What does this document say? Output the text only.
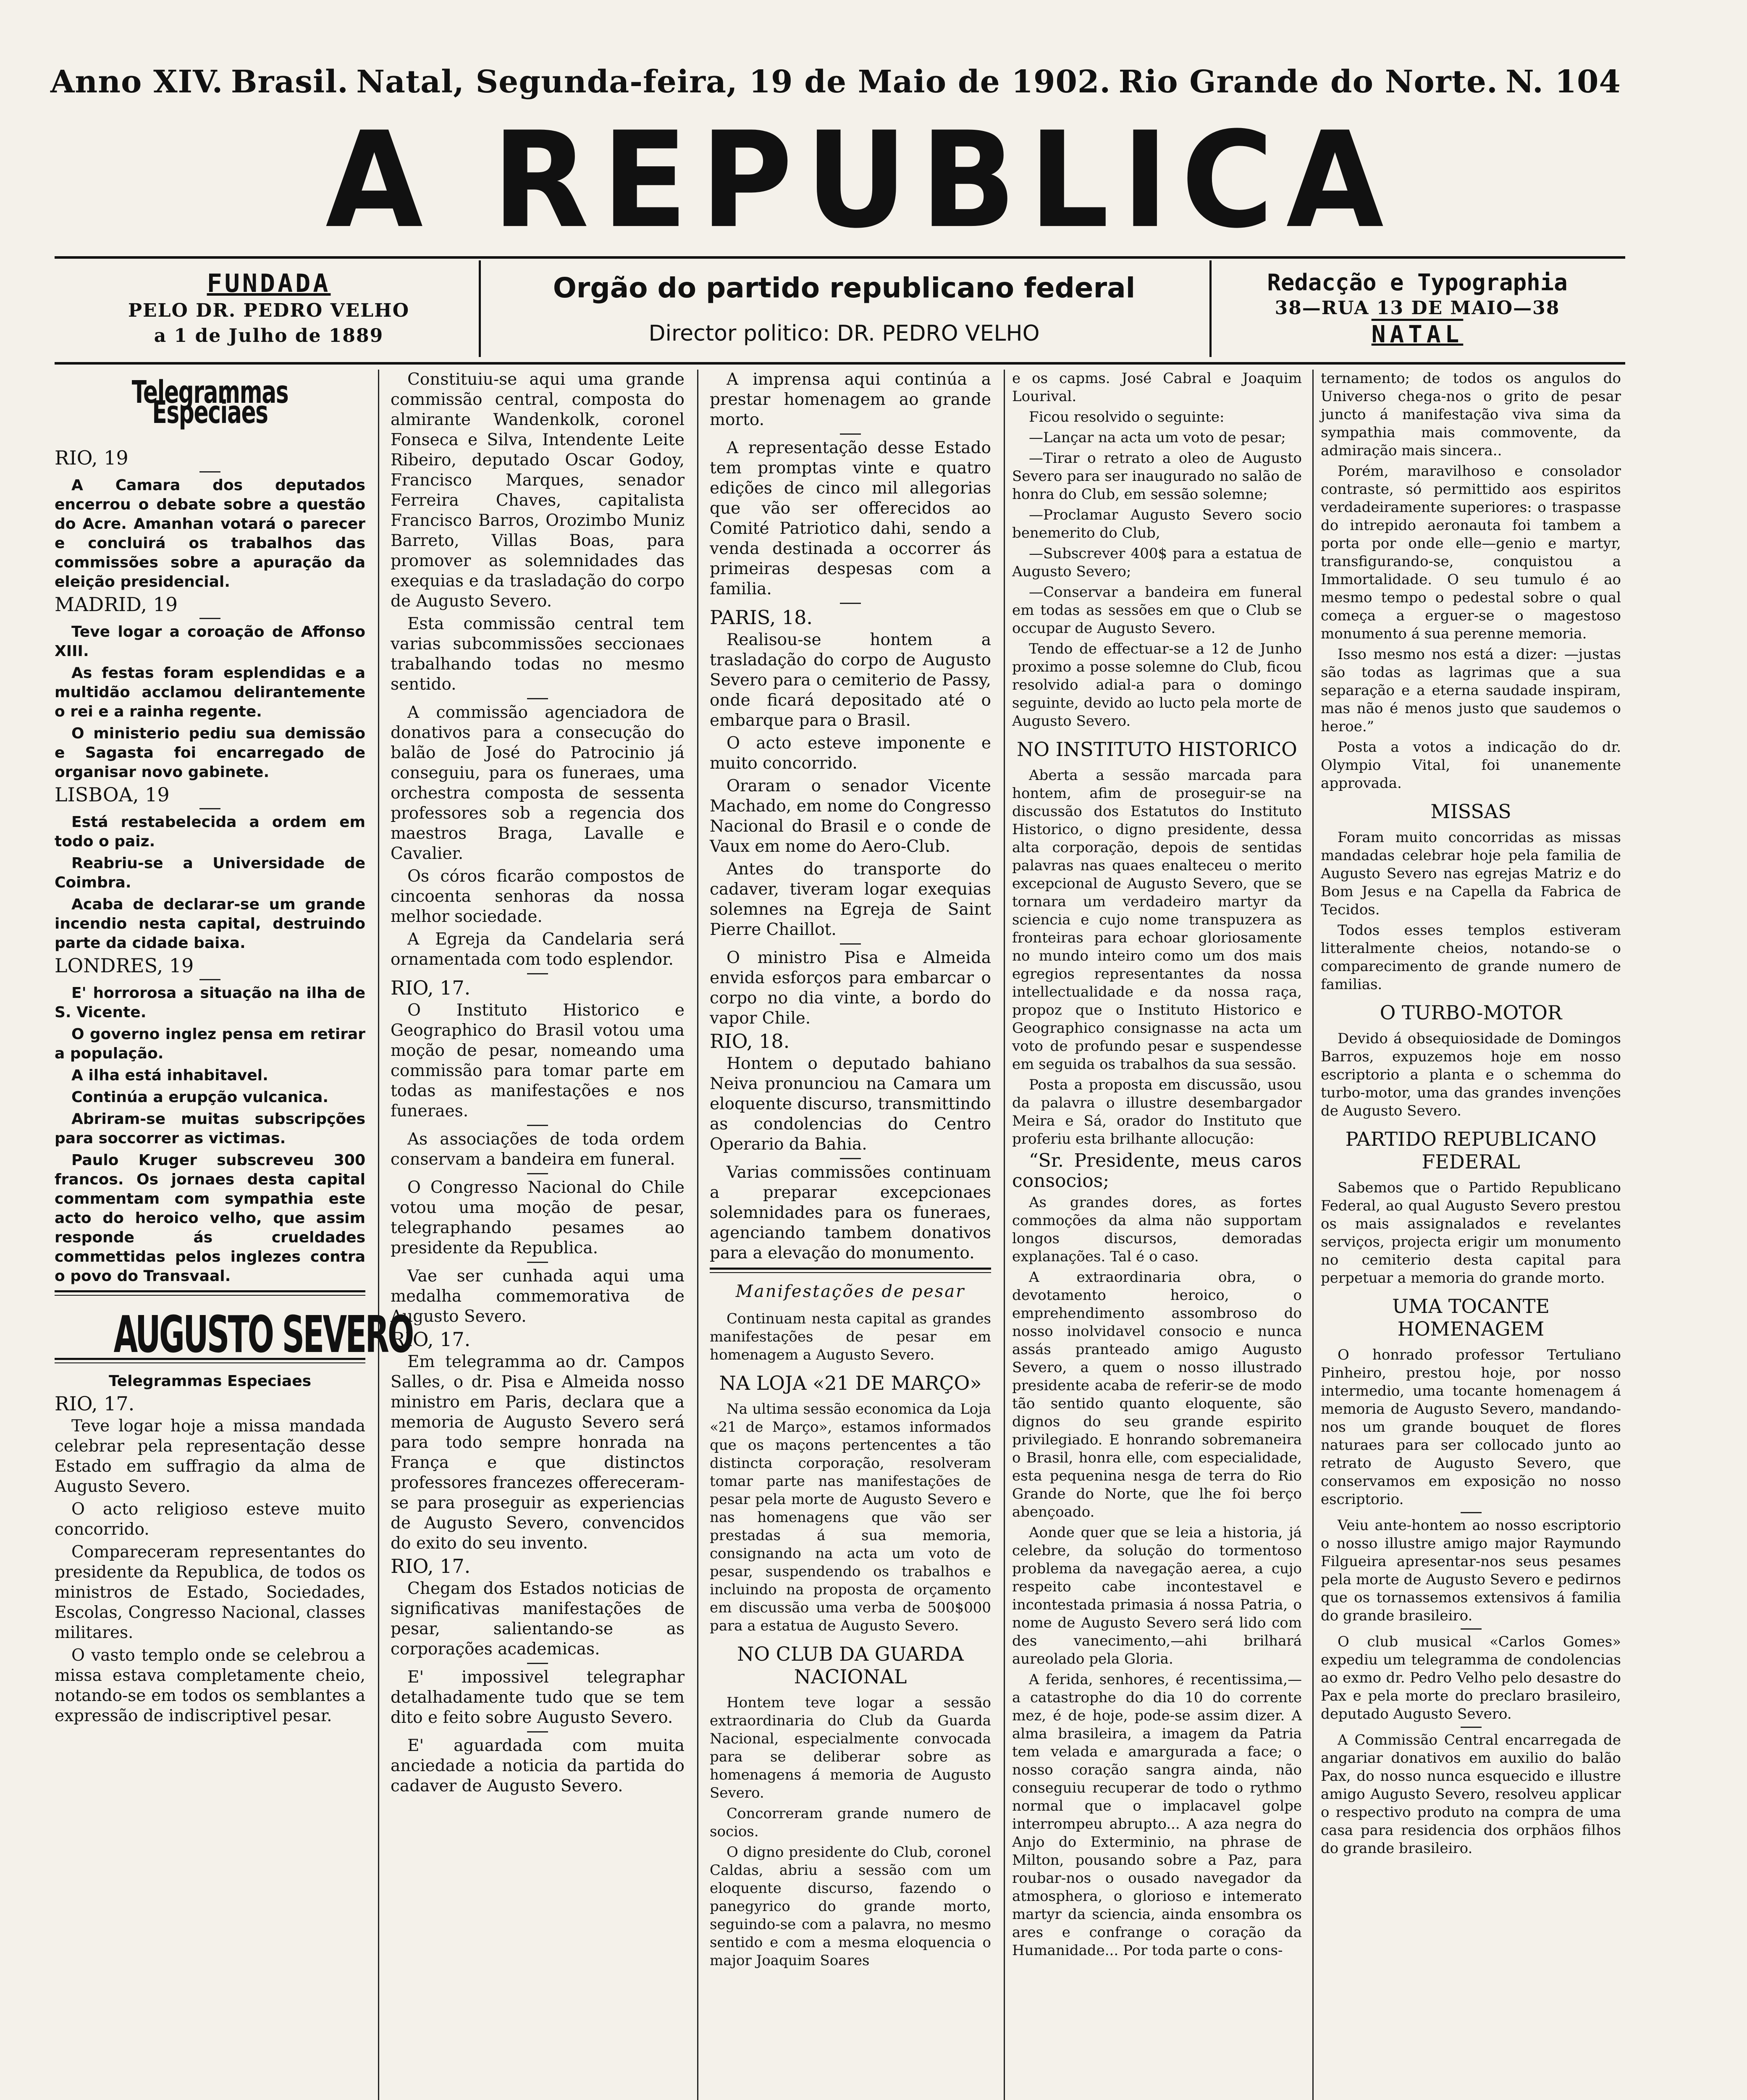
Anno XIV. Brasil. Natal, Segunda-feira, 19 de Maio de 1902. Rio Grande do Norte. N. 104
A REPUBLICA
FUNDADA
PELO DR. PEDRO VELHO
a 1 de Julho de 1889
Orgão do partido republicano federal
Director politico: DR. PEDRO VELHO
Redacção e Typographia
38—RUA 13 DE MAIO—38
NATAL
Telegrammas Especiaes

RIO, 19

A Camara dos deputados encerrou o debate sobre a questão do Acre. Amanhan votará o parecer e concluirá os trabalhos das commissões sobre a apuração da eleição presidencial.

MADRID, 19

Teve logar a coroação de Affonso XIII.

As festas foram esplendidas e a multidão acclamou delirantemente o rei e a rainha regente.

O ministerio pediu sua demissão e Sagasta foi encarregado de organisar novo gabinete.

LISBOA, 19

Está restabelecida a ordem em todo o paiz.

Reabriu-se a Universidade de Coimbra.

Acaba de declarar-se um grande incendio nesta capital, destruindo parte da cidade baixa.

LONDRES, 19

E' horrorosa a situação na ilha de S. Vicente.

O governo inglez pensa em retirar a população.

A ilha está inhabitavel.

Continúa a erupção vulcanica.

Abriram-se muitas subscripções para soccorrer as victimas.

Paulo Kruger subscreveu 300 francos. Os jornaes desta capital commentam com sympathia este acto do heroico velho, que assim responde ás crueldades commettidas pelos inglezes contra o povo do Transvaal.

AUGUSTO SEVERO

Telegrammas Especiaes

RIO, 17.

Teve logar hoje a missa mandada celebrar pela representação desse Estado em suffragio da alma de Augusto Severo.

O acto religioso esteve muito concorrido.

Compareceram representantes do presidente da Republica, de todos os ministros de Estado, Sociedades, Escolas, Congresso Nacional, classes militares.

O vasto templo onde se celebrou a missa estava completamente cheio, notando-se em todos os semblantes a expressão de indiscriptivel pesar.

Constituiu-se aqui uma grande commissão central, composta do almirante Wandenkolk, coronel Fonseca e Silva, Intendente Leite Ribeiro, deputado Oscar Godoy, Francisco Marques, senador Ferreira Chaves, capitalista Francisco Barros, Orozimbo Muniz Barreto, Villas Boas, para promover as solemnidades das exequias e da trasladação do corpo de Augusto Severo.

Esta commissão central tem varias subcommissões seccionaes trabalhando todas no mesmo sentido.

A commissão agenciadora de donativos para a consecução do balão de José do Patrocinio já conseguiu, para os funeraes, uma orchestra composta de sessenta professores sob a regencia dos maestros Braga, Lavalle e Cavalier.

Os córos ficarão compostos de cincoenta senhoras da nossa melhor sociedade.

A Egreja da Candelaria será ornamentada com todo esplendor.

RIO, 17.

O Instituto Historico e Geographico do Brasil votou uma moção de pesar, nomeando uma commissão para tomar parte em todas as manifestações e nos funeraes.

As associações de toda ordem conservam a bandeira em funeral.

O Congresso Nacional do Chile votou uma moção de pesar, telegraphando pesames ao presidente da Republica.

Vae ser cunhada aqui uma medalha commemorativa de Augusto Severo.

RIO, 17.

Em telegramma ao dr. Campos Salles, o dr. Pisa e Almeida nosso ministro em Paris, declara que a memoria de Augusto Severo será para todo sempre honrada na França e que distinctos professores francezes offereceram-se para proseguir as experiencias de Augusto Severo, convencidos do exito do seu invento.

RIO, 17.

Chegam dos Estados noticias de significativas manifestações de pesar, salientando-se as corporações academicas.

E' impossivel telegraphar detalhadamente tudo que se tem dito e feito sobre Augusto Severo.

E' aguardada com muita anciedade a noticia da partida do cadaver de Augusto Severo.

A imprensa aqui continúa a prestar homenagem ao grande morto.

A representação desse Estado tem promptas vinte e quatro edições de cinco mil allegorias que vão ser offerecidos ao Comité Patriotico dahi, sendo a venda destinada a occorrer ás primeiras despesas com a familia.

PARIS, 18.

Realisou-se hontem a trasladação do corpo de Augusto Severo para o cemiterio de Passy, onde ficará depositado até o embarque para o Brasil.

O acto esteve imponente e muito concorrido.

Oraram o senador Vicente Machado, em nome do Congresso Nacional do Brasil e o conde de Vaux em nome do Aero-Club.

Antes do transporte do cadaver, tiveram logar exequias solemnes na Egreja de Saint Pierre Chaillot.

O ministro Pisa e Almeida envida esforços para embarcar o corpo no dia vinte, a bordo do vapor Chile.

RIO, 18.

Hontem o deputado bahiano Neiva pronunciou na Camara um eloquente discurso, transmittindo as condolencias do Centro Operario da Bahia.

Varias commissões continuam a preparar excepcionaes solemnidades para os funeraes, agenciando tambem donativos para a elevação do monumento.

Manifestações de pesar

Continuam nesta capital as grandes manifestações de pesar em homenagem a Augusto Severo.

NA LOJA «21 DE MARÇO»

Na ultima sessão economica da Loja «21 de Março», estamos informados que os maçons pertencentes a tão distincta corporação, resolveram tomar parte nas manifestações de pesar pela morte de Augusto Severo e nas homenagens que vão ser prestadas á sua memoria, consignando na acta um voto de pesar, suspendendo os trabalhos e incluindo na proposta de orçamento em discussão uma verba de 500$000 para a estatua de Augusto Severo.

NO CLUB DA GUARDA NACIONAL

Hontem teve logar a sessão extraordinaria do Club da Guarda Nacional, especialmente convocada para se deliberar sobre as homenagens á memoria de Augusto Severo.

Concorreram grande numero de socios.

O digno presidente do Club, coronel Caldas, abriu a sessão com um eloquente discurso, fazendo o panegyrico do grande morto, seguindo-se com a palavra, no mesmo sentido e com a mesma eloquencia o major Joaquim Soares

e os capms. José Cabral e Joaquim Lourival.

Ficou resolvido o seguinte:

—Lançar na acta um voto de pesar;

—Tirar o retrato a oleo de Augusto Severo para ser inaugurado no salão de honra do Club, em sessão solemne;

—Proclamar Augusto Severo socio benemerito do Club,

—Subscrever 400$ para a estatua de Augusto Severo;

—Conservar a bandeira em funeral em todas as sessões em que o Club se occupar de Augusto Severo.

Tendo de effectuar-se a 12 de Junho proximo a posse solemne do Club, ficou resolvido adial-a para o domingo seguinte, devido ao lucto pela morte de Augusto Severo.

NO INSTITUTO HISTORICO

Aberta a sessão marcada para hontem, afim de proseguir-se na discussão dos Estatutos do Instituto Historico, o digno presidente, dessa alta corporação, depois de sentidas palavras nas quaes enalteceu o merito excepcional de Augusto Severo, que se tornara um verdadeiro martyr da sciencia e cujo nome transpuzera as fronteiras para echoar gloriosamente no mundo inteiro como um dos mais egregios representantes da nossa intellectualidade e da nossa raça, propoz que o Instituto Historico e Geographico consignasse na acta um voto de profundo pesar e suspendesse em seguida os trabalhos da sua sessão.

Posta a proposta em discussão, usou da palavra o illustre desembargador Meira e Sá, orador do Instituto que proferiu esta brilhante allocução:

“Sr. Presidente, meus caros consocios;

As grandes dores, as fortes commoções da alma não supportam longos discursos, demoradas explanações. Tal é o caso.

A extraordinaria obra, o devotamento heroico, o emprehendimento assombroso do nosso inolvidavel consocio e nunca assás pranteado amigo Augusto Severo, a quem o nosso illustrado presidente acaba de referir-se de modo tão sentido quanto eloquente, são dignos do seu grande espirito privilegiado. E honrando sobremaneira o Brasil, honra elle, com especialidade, esta pequenina nesga de terra do Rio Grande do Norte, que lhe foi berço abençoado.

Aonde quer que se leia a historia, já celebre, da solução do tormentoso problema da navegação aerea, a cujo respeito cabe incontestavel e incontestada primasia á nossa Patria, o nome de Augusto Severo será lido com des vanecimento,—ahi brilhará aureolado pela Gloria.

A ferida, senhores, é recentissima,—a catastrophe do dia 10 do corrente mez, é de hoje, pode-se assim dizer. A alma brasileira, a imagem da Patria tem velada e amargurada a face; o nosso coração sangra ainda, não conseguiu recuperar de todo o rythmo normal que o implacavel golpe interrompeu abrupto... A aza negra do Anjo do Exterminio, na phrase de Milton, pousando sobre a Paz, para roubar-nos o ousado navegador da atmosphera, o glorioso e intemerato martyr da sciencia, ainda ensombra os ares e confrange o coração da Humanidade... Por toda parte o cons-

ternamento; de todos os angulos do Universo chega-nos o grito de pesar juncto á manifestação viva sima da sympathia mais commovente, da admiração mais sincera..

Porém, maravilhoso e consolador contraste, só permittido aos espiritos verdadeiramente superiores: o traspasse do intrepido aeronauta foi tambem a porta por onde elle—genio e martyr, transfigurando-se, conquistou a Immortalidade. O seu tumulo é ao mesmo tempo o pedestal sobre o qual começa a erguer-se o magestoso monumento á sua perenne memoria.

Isso mesmo nos está a dizer: —justas são todas as lagrimas que a sua separação e a eterna saudade inspiram, mas não é menos justo que saudemos o heroe.”

Posta a votos a indicação do dr. Olympio Vital, foi unanemente approvada.

MISSAS

Foram muito concorridas as missas mandadas celebrar hoje pela familia de Augusto Severo nas egrejas Matriz e do Bom Jesus e na Capella da Fabrica de Tecidos.

Todos esses templos estiveram litteralmente cheios, notando-se o comparecimento de grande numero de familias.

O TURBO-MOTOR

Devido á obsequiosidade de Domingos Barros, expuzemos hoje em nosso escriptorio a planta e o schemma do turbo-motor, uma das grandes invenções de Augusto Severo.

PARTIDO REPUBLICANO FEDERAL

Sabemos que o Partido Republicano Federal, ao qual Augusto Severo prestou os mais assignalados e revelantes serviços, projecta erigir um monumento no cemiterio desta capital para perpetuar a memoria do grande morto.

UMA TOCANTE HOMENAGEM

O honrado professor Tertuliano Pinheiro, prestou hoje, por nosso intermedio, uma tocante homenagem á memoria de Augusto Severo, mandando-nos um grande bouquet de flores naturaes para ser collocado junto ao retrato de Augusto Severo, que conservamos em exposição no nosso escriptorio.

Veiu ante-hontem ao nosso escriptorio o nosso illustre amigo major Raymundo Filgueira apresentar-nos seus pesames pela morte de Augusto Severo e pedirnos que os tornassemos extensivos á familia do grande brasileiro.

O club musical «Carlos Gomes» expediu um telegramma de condolencias ao exmo dr. Pedro Velho pelo desastre do Pax e pela morte do preclaro brasileiro, deputado Augusto Severo.

A Commissão Central encarregada de angariar donativos em auxilio do balão Pax, do nosso nunca esquecido e illustre amigo Augusto Severo, resolveu applicar o respectivo produto na compra de uma casa para residencia dos orphãos filhos do grande brasileiro.
